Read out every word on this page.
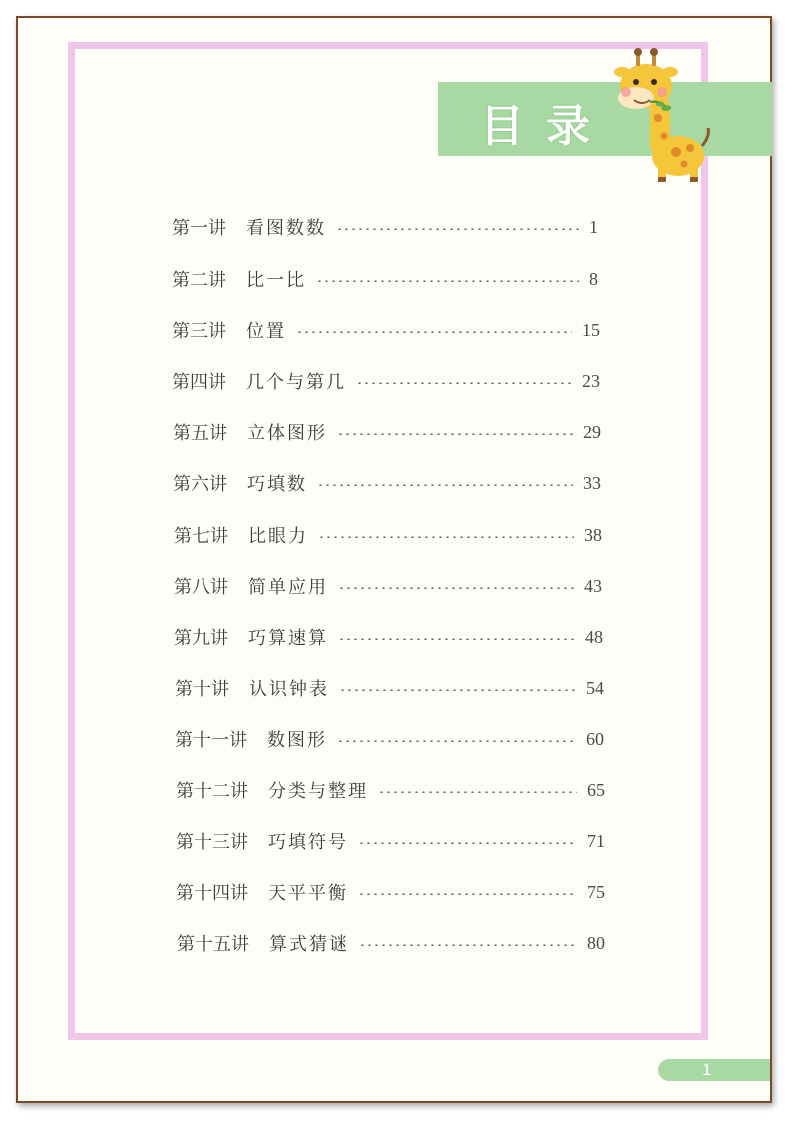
目录
第一讲 看图数数	1
第二讲 比一比	8
第三讲 位置	15
第四讲 几个与第几	23
第五讲 立体图形	29
第六讲 巧填数	33
第七讲 比眼力	38
第八讲 简单应用	43
第九讲 巧算速算	48
第十讲 认识钟表	54
第十一讲 数图形	60
第十二讲 分类与整理	65
第十三讲 巧填符号	71
第十四讲 天平平衡	75
第十五讲 算式猜谜	80
1
